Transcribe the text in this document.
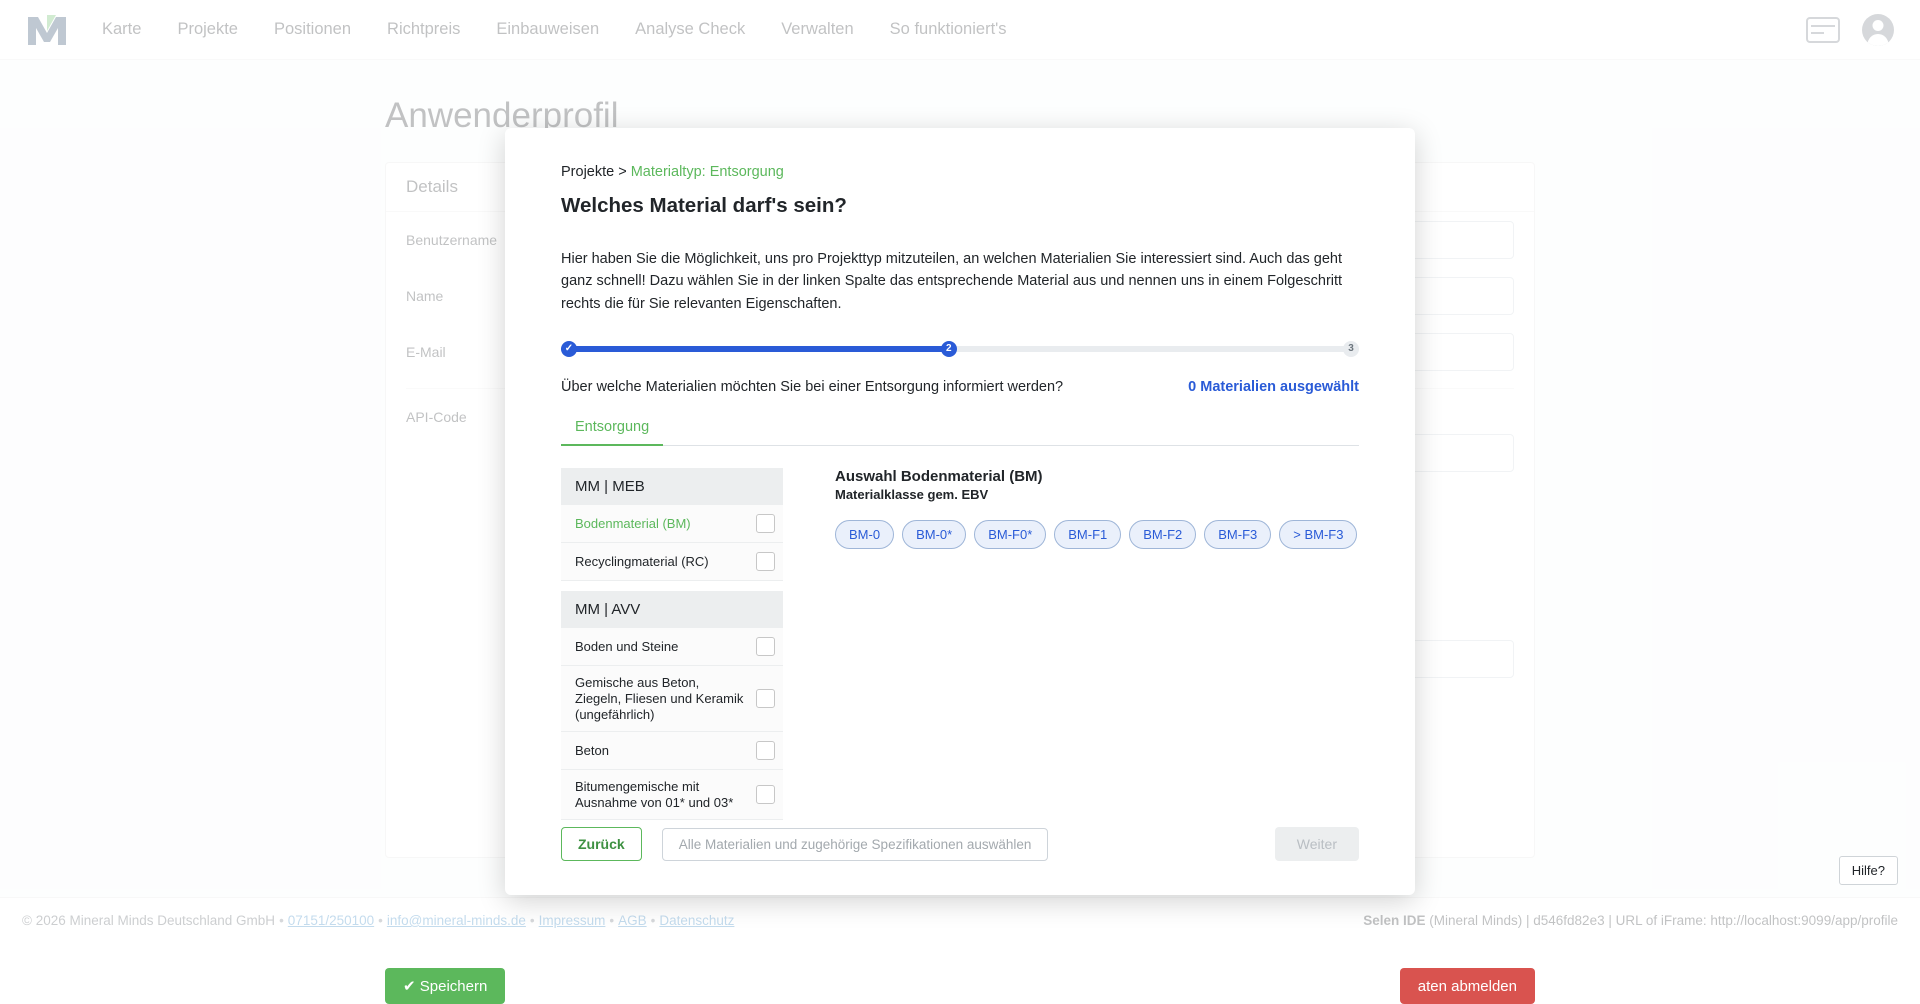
✔ Speichern	aten abmelden
Projekte > Materialtyp: Entsorgung
Welches Material darf's sein?

Hier haben Sie die Möglichkeit, uns pro Projekttyp mitzuteilen, an welchen Materialien Sie interessiert sind. Auch das geht ganz schnell! Dazu wählen Sie in der linken Spalte das entsprechende Material aus und nennen uns in einem Folgeschritt rechts die für Sie relevanten Eigenschaften.

✓	2	3
Über welche Materialien möchten Sie bei einer Entsorgung informiert werden?	0 Materialien ausgewählt
Entsorgung
MM | MEB
Bodenmaterial (BM)
Recyclingmaterial (RC)
MM | AVV
Boden und Steine
Gemische aus Beton, Ziegeln, Fliesen und Keramik (ungefährlich)
Beton
Bitumengemische mit Ausnahme von 01* und 03*
Auswahl Bodenmaterial (BM)
Materialklasse gem. EBV
BM-0	BM-0*	BM-F0*	BM-F1	BM-F2	BM-F3	> BM-F3
Zurück	Alle Materialien und zugehörige Spezifikationen auswählen	Weiter
Hilfe?
